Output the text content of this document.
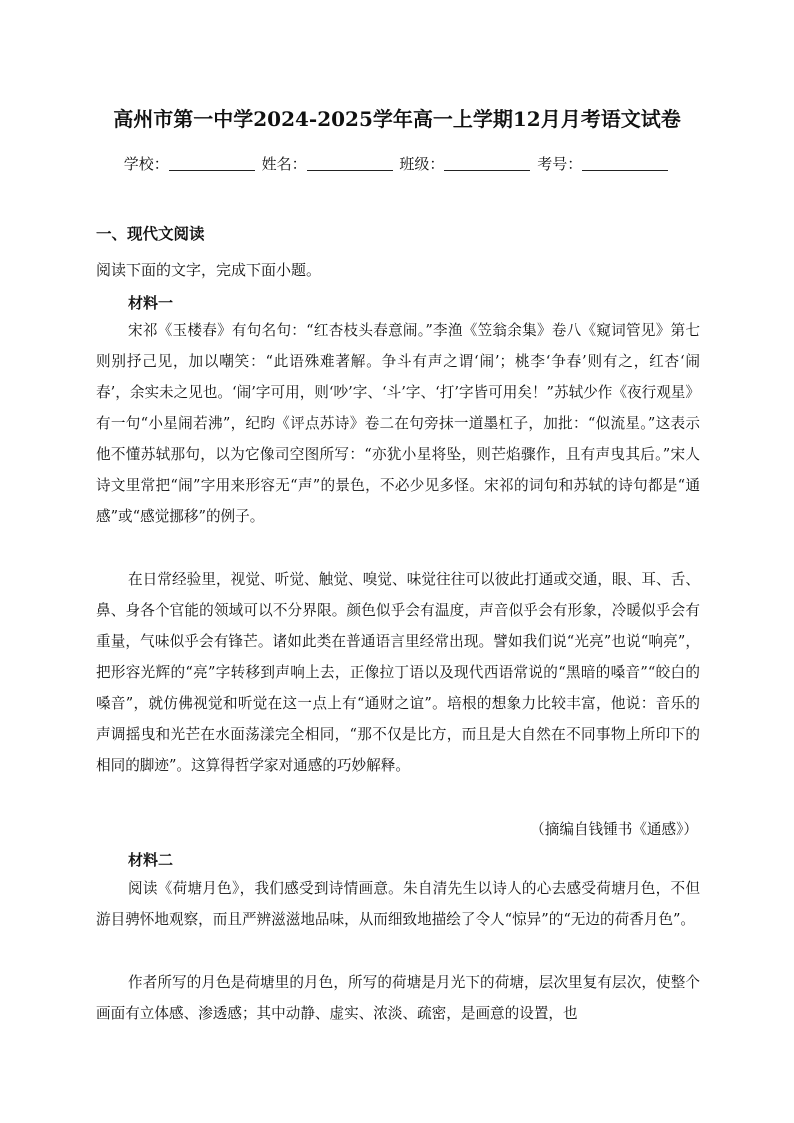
高州市第一中学2024-2025学年高一上学期12月月考语文试卷
学校：	姓名：	班级：	考号：
一、现代文阅读
阅读下面的文字，完成下面小题。
材料一

宋祁《玉楼春》有句名句：“红杏枝头春意闹。”李渔《笠翁余集》卷八《窥词管见》第七则别抒己见，加以嘲笑：“此语殊难著解。争斗有声之谓‘闹’；桃李‘争春’则有之，红杏‘闹春’，余实未之见也。‘闹’字可用，则‘吵’字、‘斗’字、‘打’字皆可用矣！”苏轼少作《夜行观星》有一句“小星闹若沸”，纪昀《评点苏诗》卷二在句旁抹一道墨杠子，加批：“似流星。”这表示他不懂苏轼那句，以为它像司空图所写：“亦犹小星将坠，则芒焰骤作，且有声曳其后。”宋人诗文里常把“闹”字用来形容无“声”的景色，不必少见多怪。宋祁的词句和苏轼的诗句都是“通感”或“感觉挪移”的例子。

在日常经验里，视觉、听觉、触觉、嗅觉、味觉往往可以彼此打通或交通，眼、耳、舌、鼻、身各个官能的领域可以不分界限。颜色似乎会有温度，声音似乎会有形象，冷暖似乎会有重量，气味似乎会有锋芒。诸如此类在普通语言里经常出现。譬如我们说“光亮”也说“响亮”，把形容光辉的“亮”字转移到声响上去，正像拉丁语以及现代西语常说的“黑暗的嗓音”“皎白的嗓音”，就仿佛视觉和听觉在这一点上有“通财之谊”。培根的想象力比较丰富，他说：音乐的声调摇曳和光芒在水面荡漾完全相同，“那不仅是比方，而且是大自然在不同事物上所印下的相同的脚迹”。这算得哲学家对通感的巧妙解释。

（摘编自钱锺书《通感》）
材料二

阅读《荷塘月色》，我们感受到诗情画意。朱自清先生以诗人的心去感受荷塘月色，不但游目骋怀地观察，而且严辨滋滋地品味，从而细致地描绘了令人“惊异”的“无边的荷香月色”。

作者所写的月色是荷塘里的月色，所写的荷塘是月光下的荷塘，层次里复有层次，使整个画面有立体感、渗透感；其中动静、虚实、浓淡、疏密，是画意的设置，也
